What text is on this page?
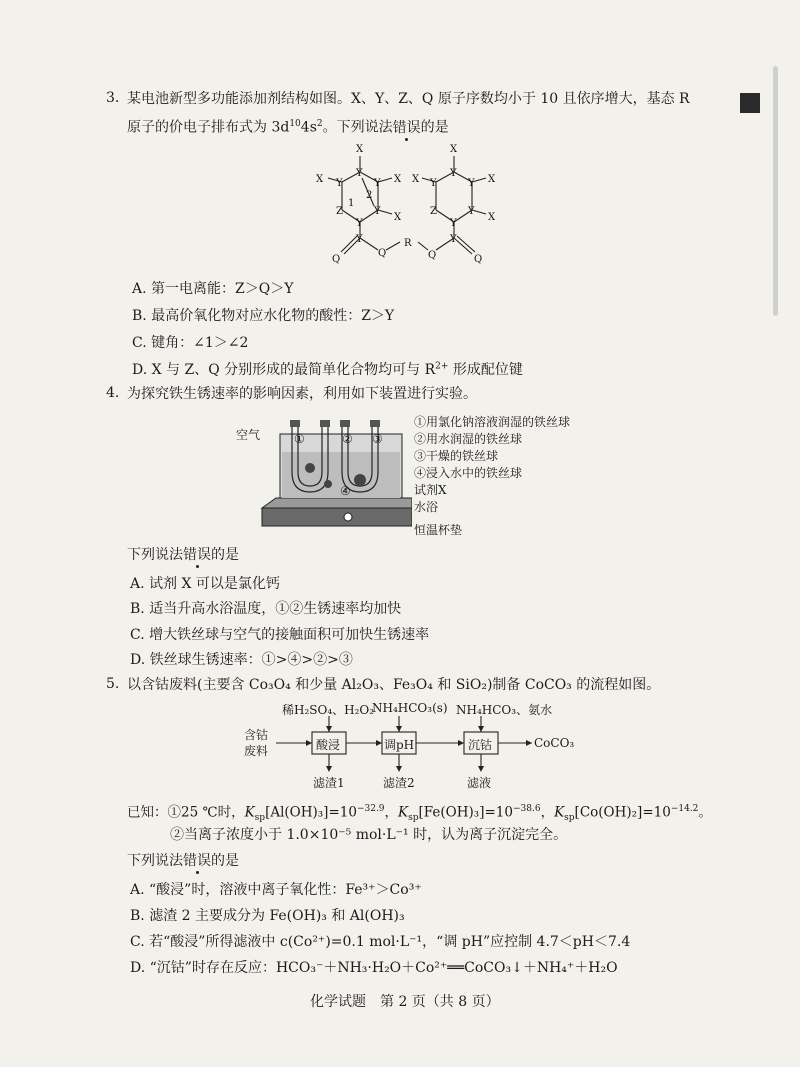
3. 某电池新型多功能添加剂结构如图。X、Y、Z、Q 原子序数均小于 10 且依序增大，基态 R
原子的价电子排布式为 $3d^{10}4s^2$。下列说法错误的是
X
Y
X	X
Y	Y
Z	Y
X
Y
2
1
Y
Q
Q
R
X
Y
X	X
Y	Y
Z	Y
X
Y
Y
Q	Q
A. 第一电离能：Z＞Q＞Y
B. 最高价氧化物对应水化物的酸性：Z＞Y
C. 键角：∠1＞∠2
D. X 与 Z、Q 分别形成的最简单化合物均可与 $R^{2+}$ 形成配位键
4. 为探究铁生锈速率的影响因素，利用如下装置进行实验。
空气	①	② ③
④
①用氯化钠溶液润湿的铁丝球
②用水润湿的铁丝球
③干燥的铁丝球
④浸入水中的铁丝球
试剂X
水浴
恒温杯垫
下列说法错误的是
A. 试剂 X 可以是氯化钙
B. 适当升高水浴温度，①②生锈速率均加快
C. 增大铁丝球与空气的接触面积可加快生锈速率
D. 铁丝球生锈速率：①>④>②>③
5. 以含钴废料(主要含 Co₃O₄ 和少量 Al₂O₃、Fe₃O₄ 和 SiO₂)制备 CoCO₃ 的流程如图。
稀H₂SO₄、H₂O₂
NH₄HCO₃(s) NH₄HCO₃、氨水
含钴
废料	酸浸	调pH	沉钴	CoCO₃
滤渣1	滤渣2	滤液
已知：①25 ℃时，$K_{sp}[Al(OH)_3]=10^{-32.9}$，$K_{sp}[Fe(OH)_3]=10^{-38.6}$，$K_{sp}[Co(OH)_2]=10^{-14.2}$。
②当离子浓度小于 1.0×10⁻⁵ mol·L⁻¹ 时，认为离子沉淀完全。
下列说法错误的是
A. “酸浸”时，溶液中离子氧化性：Fe³⁺＞Co³⁺
B. 滤渣 2 主要成分为 Fe(OH)₃ 和 Al(OH)₃
C. 若“酸浸”所得滤液中 c(Co²⁺)=0.1 mol·L⁻¹，“调 pH”应控制 4.7＜pH＜7.4
D. “沉钴”时存在反应：HCO₃⁻＋NH₃·H₂O＋Co²⁺══CoCO₃↓＋NH₄⁺＋H₂O
化学试题　第 2 页（共 8 页）
